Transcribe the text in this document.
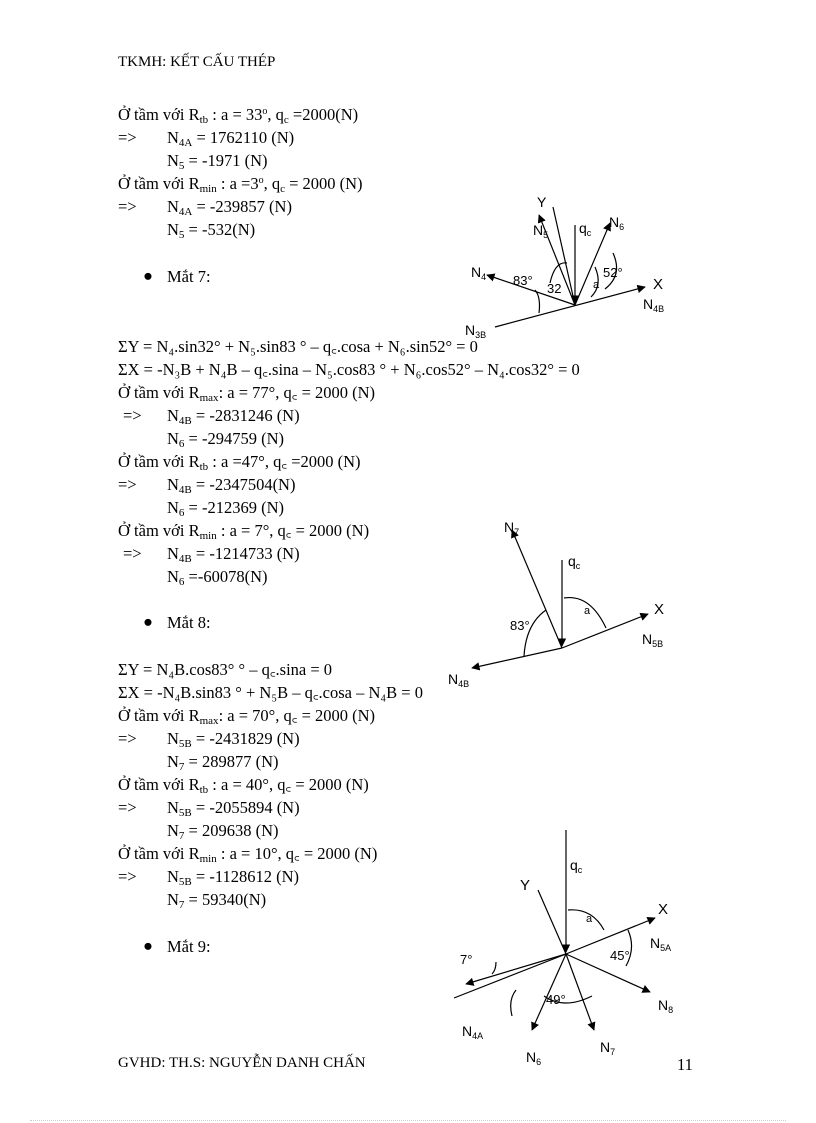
TKMH: KẾT CẤU THÉP
Ở tầm với $R_{tb}$ : $a = 33^o$, $q_c =2000(N)$
=> $N_{4A} = 1762110$ (N)
$N_5 = -1971$ (N)
Ở tầm với $R_{min}$ : $a =3^o$, $q_c = 2000$ (N)
=> $N_{4A} = -239857$ (N)
$N_5 = -532(N)$
● Mắt 7:
Y
$N_5$ $q_c$
$N_6$
$N_4$ 83°
32
52°
a	X
$N_{4B}$
$N_{3B}$
ΣY = N₄.sin32° + N₅.sin83 ° – q꜀.cosa + N₆.sin52° = 0
ΣX = -N₃B + N₄B – q꜀.sina – N₅.cos83 ° + N₆.cos52° – N₄.cos32° = 0
Ở tầm với $R_{max}$: a = 77°, q꜀ = 2000 (N)
=> $N_{4B} = -2831246$ (N)
$N_6 = -294759$ (N)
Ở tầm với $R_{tb}$ : a =47°, q꜀ =2000 (N)
=> $N_{4B} = -2347504(N)$
$N_6 = -212369$ (N)
Ở tầm với $R_{min}$ : a = 7°, q꜀ = 2000 (N)
=> $N_{4B} = -1214733$ (N)
$N_6 =-60078(N)$
● Mắt 8:
$N_7$
$q_c$
a
83°
X
$N_{5B}$
$N_{4B}$
ΣY = N₄B.cos83° ° – q꜀.sina = 0
ΣX = -N₄B.sin83 ° + N₅B – q꜀.cosa – N₄B = 0
Ở tầm với $R_{max}$: a = 70°, q꜀ = 2000 (N)
=> $N_{5B} = -2431829$ (N)
$N_7 = 289877$ (N)
Ở tầm với $R_{tb}$ : a = 40°, q꜀ = 2000 (N)
=> $N_{5B} = -2055894$ (N)
$N_7 = 209638$ (N)
Ở tầm với $R_{min}$ : a = 10°, q꜀ = 2000 (N)
=> $N_{5B} = -1128612$ (N)
$N_7 = 59340(N)$
● Mắt 9:
Y
$q_c$
a
X
$N_{5A}$
45°
7°
49°	$N_8$
$N_{4A}$
$N_6$
$N_7$
GVHD: TH.S: NGUYỄN DANH CHẤN	11
